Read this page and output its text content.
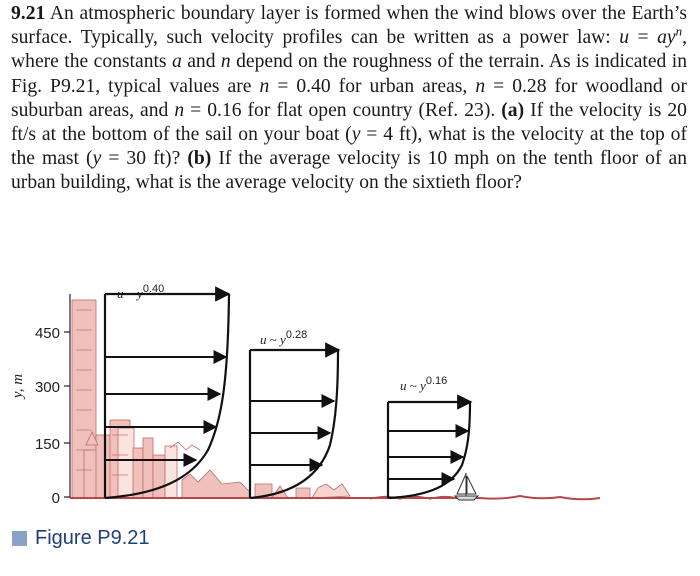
9.21 An atmospheric boundary layer is formed when the wind blows over the Earth’s surface. Typically, such velocity profiles can be written as a power law: $u = ay^n$, where the constants a and n depend on the roughness of the terrain. As is indicated in Fig. P9.21, typical values are n = 0.40 for urban areas, n = 0.28 for woodland or suburban areas, and n = 0.16 for flat open country (Ref. 23). (a) If the velocity is 20 ft/s at the bottom of the sail on your boat (y = 4 ft), what is the velocity at the top of the mast (y = 30 ft)? (b) If the average velocity is 10 mph on the tenth floor of an urban building, what is the average velocity on the sixtieth floor?
450
300
150
0
y, m
u ~ $y^{0.40}$
u ~ $y^{0.28}$
u ~ $y^{0.16}$
Figure P9.21
